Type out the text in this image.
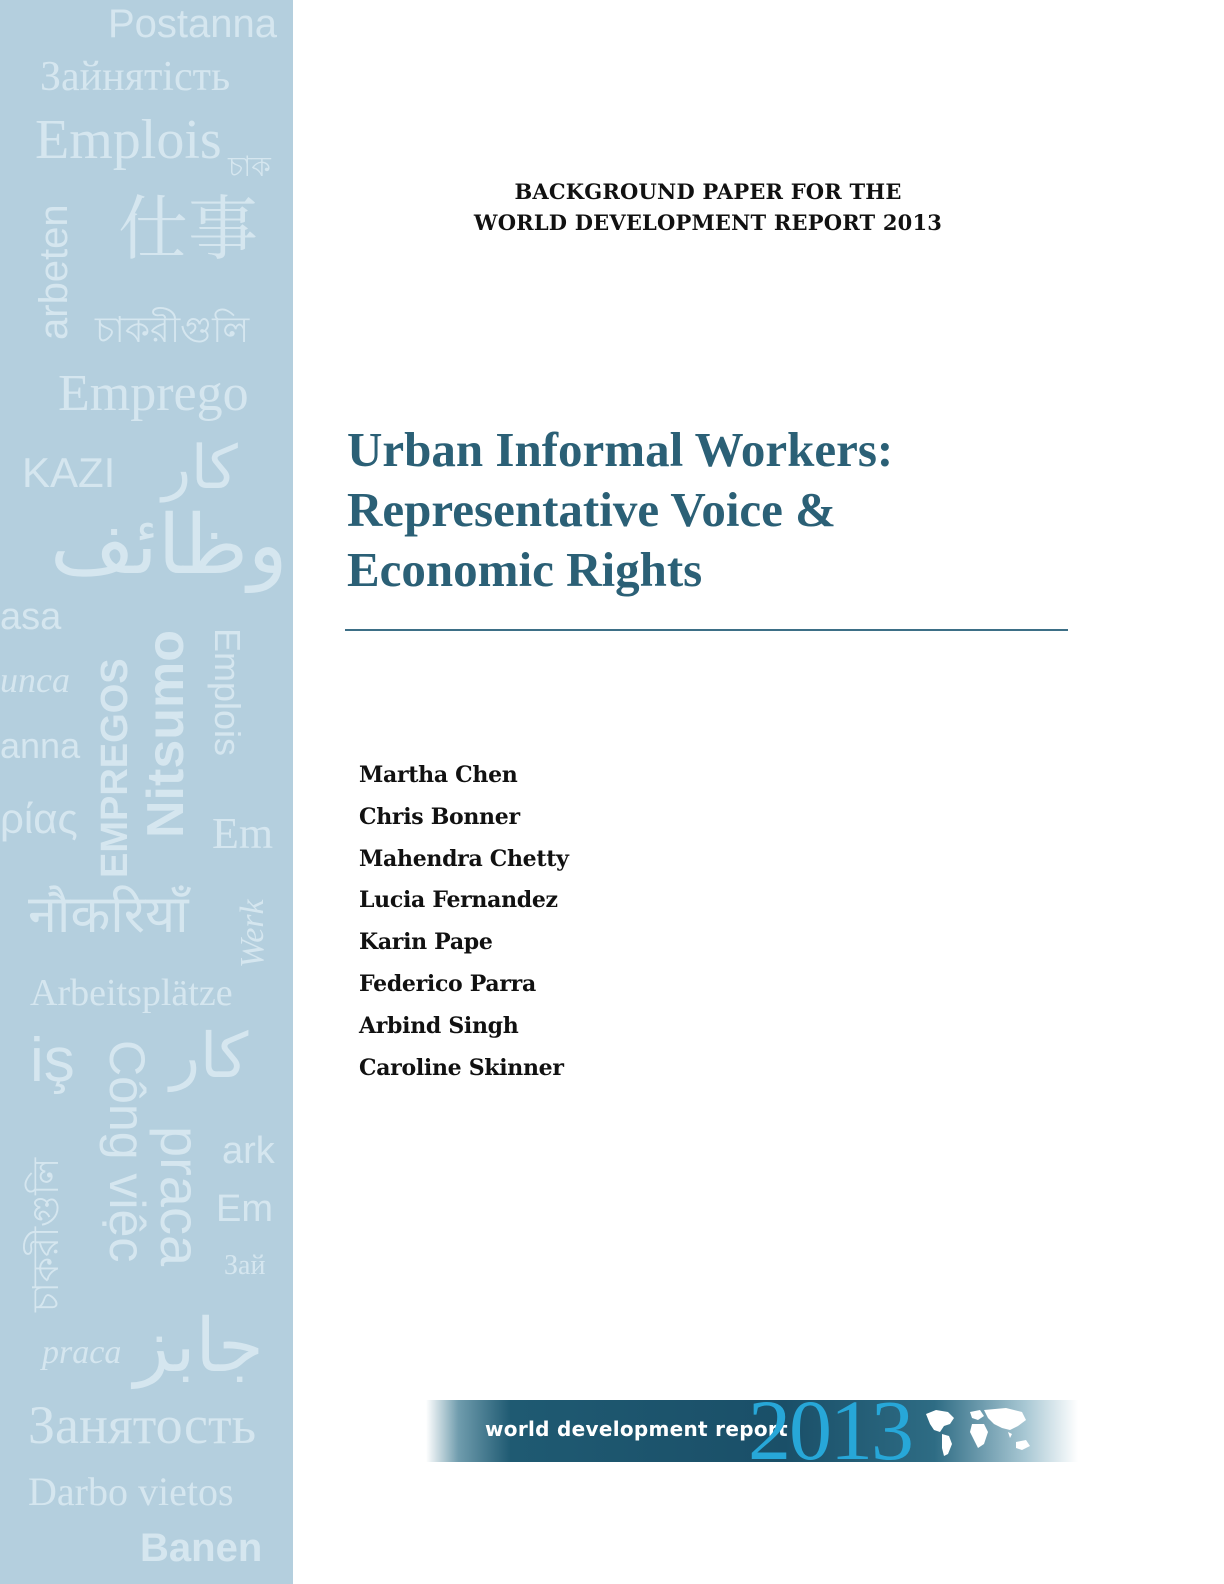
Postanna
Зайнятість
Emplois চাক
仕事
arbeten চাকরীগুলি
Emprego
KAZI کار
وظائف
asa
unca
anna
ρίας EMPREGOS Nitsumo Emplois
Em
नौकरियाँ Werk
Arbeitsplätze
iş Công việc کار
praca ark
চাকরীগুলি	Em
Зай
praca جابز
Занятость
Darbo vietos
Banen
BACKGROUND PAPER FOR THE
WORLD DEVELOPMENT REPORT 2013
Urban Informal Workers:
Representative Voice &
Economic Rights
Martha Chen
Chris Bonner
Mahendra Chetty
Lucia Fernandez
Karin Pape
Federico Parra
Arbind Singh
Caroline Skinner
world development report
2013
